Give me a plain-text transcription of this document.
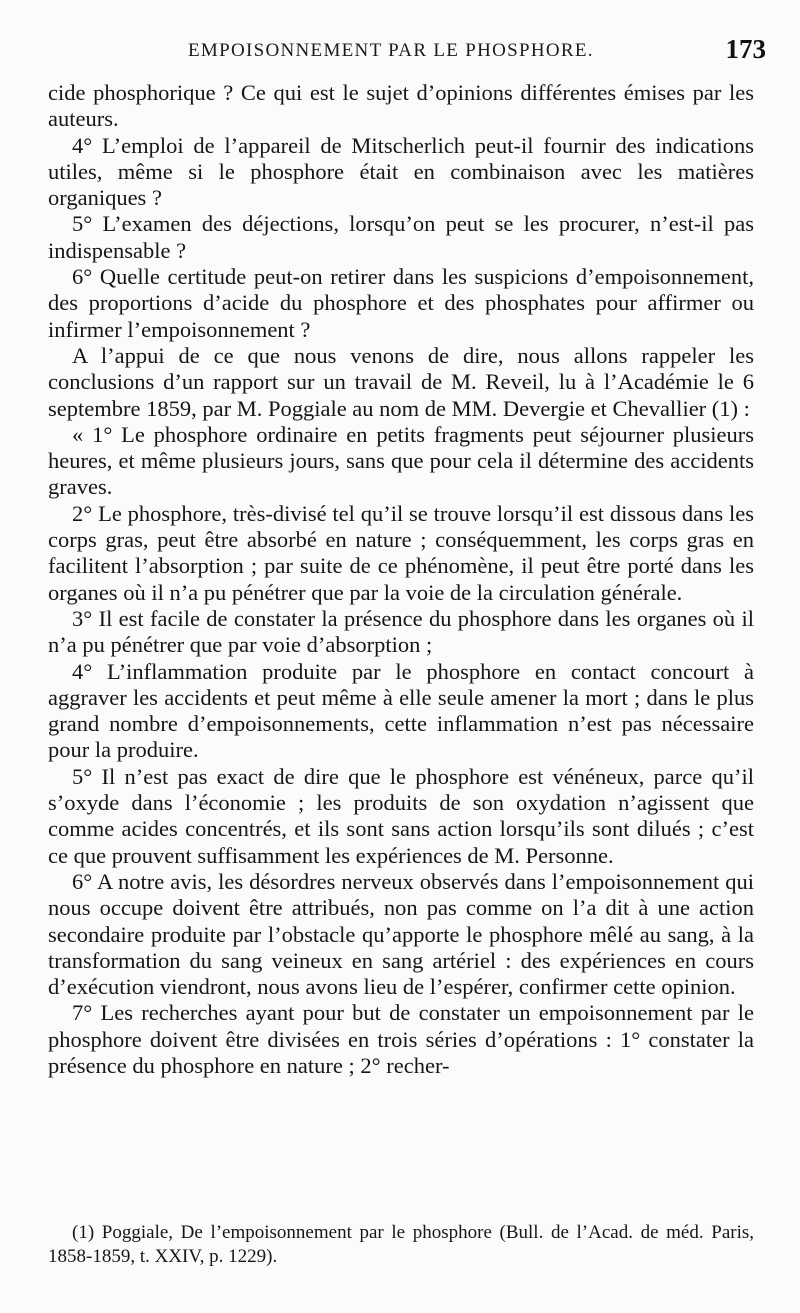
EMPOISONNEMENT PAR LE PHOSPHORE.	173

cide phosphorique ? Ce qui est le sujet d’opinions différentes émises par les auteurs.

4° L’emploi de l’appareil de Mitscherlich peut-il fournir des indications utiles, même si le phosphore était en combinaison avec les matières organiques ?

5° L’examen des déjections, lorsqu’on peut se les procurer, n’est-il pas indispensable ?

6° Quelle certitude peut-on retirer dans les suspicions d’empoisonnement, des proportions d’acide du phosphore et des phosphates pour affirmer ou infirmer l’empoisonnement ?

A l’appui de ce que nous venons de dire, nous allons rappeler les conclusions d’un rapport sur un travail de M. Reveil, lu à l’Académie le 6 septembre 1859, par M. Poggiale au nom de MM. Devergie et Chevallier (1) :

« 1° Le phosphore ordinaire en petits fragments peut séjourner plusieurs heures, et même plusieurs jours, sans que pour cela il détermine des accidents graves.

2° Le phosphore, très-divisé tel qu’il se trouve lorsqu’il est dissous dans les corps gras, peut être absorbé en nature ; conséquemment, les corps gras en facilitent l’absorption ; par suite de ce phénomène, il peut être porté dans les organes où il n’a pu pénétrer que par la voie de la circulation générale.

3° Il est facile de constater la présence du phosphore dans les organes où il n’a pu pénétrer que par voie d’absorption ;

4° L’inflammation produite par le phosphore en contact concourt à aggraver les accidents et peut même à elle seule amener la mort ; dans le plus grand nombre d’empoisonnements, cette inflammation n’est pas nécessaire pour la produire.

5° Il n’est pas exact de dire que le phosphore est vénéneux, parce qu’il s’oxyde dans l’économie ; les produits de son oxydation n’agissent que comme acides concentrés, et ils sont sans action lorsqu’ils sont dilués ; c’est ce que prouvent suffisamment les expériences de M. Personne.

6° A notre avis, les désordres nerveux observés dans l’empoisonnement qui nous occupe doivent être attribués, non pas comme on l’a dit à une action secondaire produite par l’obstacle qu’apporte le phosphore mêlé au sang, à la transformation du sang veineux en sang artériel : des expériences en cours d’exécution viendront, nous avons lieu de l’espérer, confirmer cette opinion.

7° Les recherches ayant pour but de constater un empoisonnement par le phosphore doivent être divisées en trois séries d’opérations : 1° constater la présence du phosphore en nature ; 2° recher-

(1) Poggiale, De l’empoisonnement par le phosphore (Bull. de l’Acad. de méd. Paris, 1858-1859, t. XXIV, p. 1229).
